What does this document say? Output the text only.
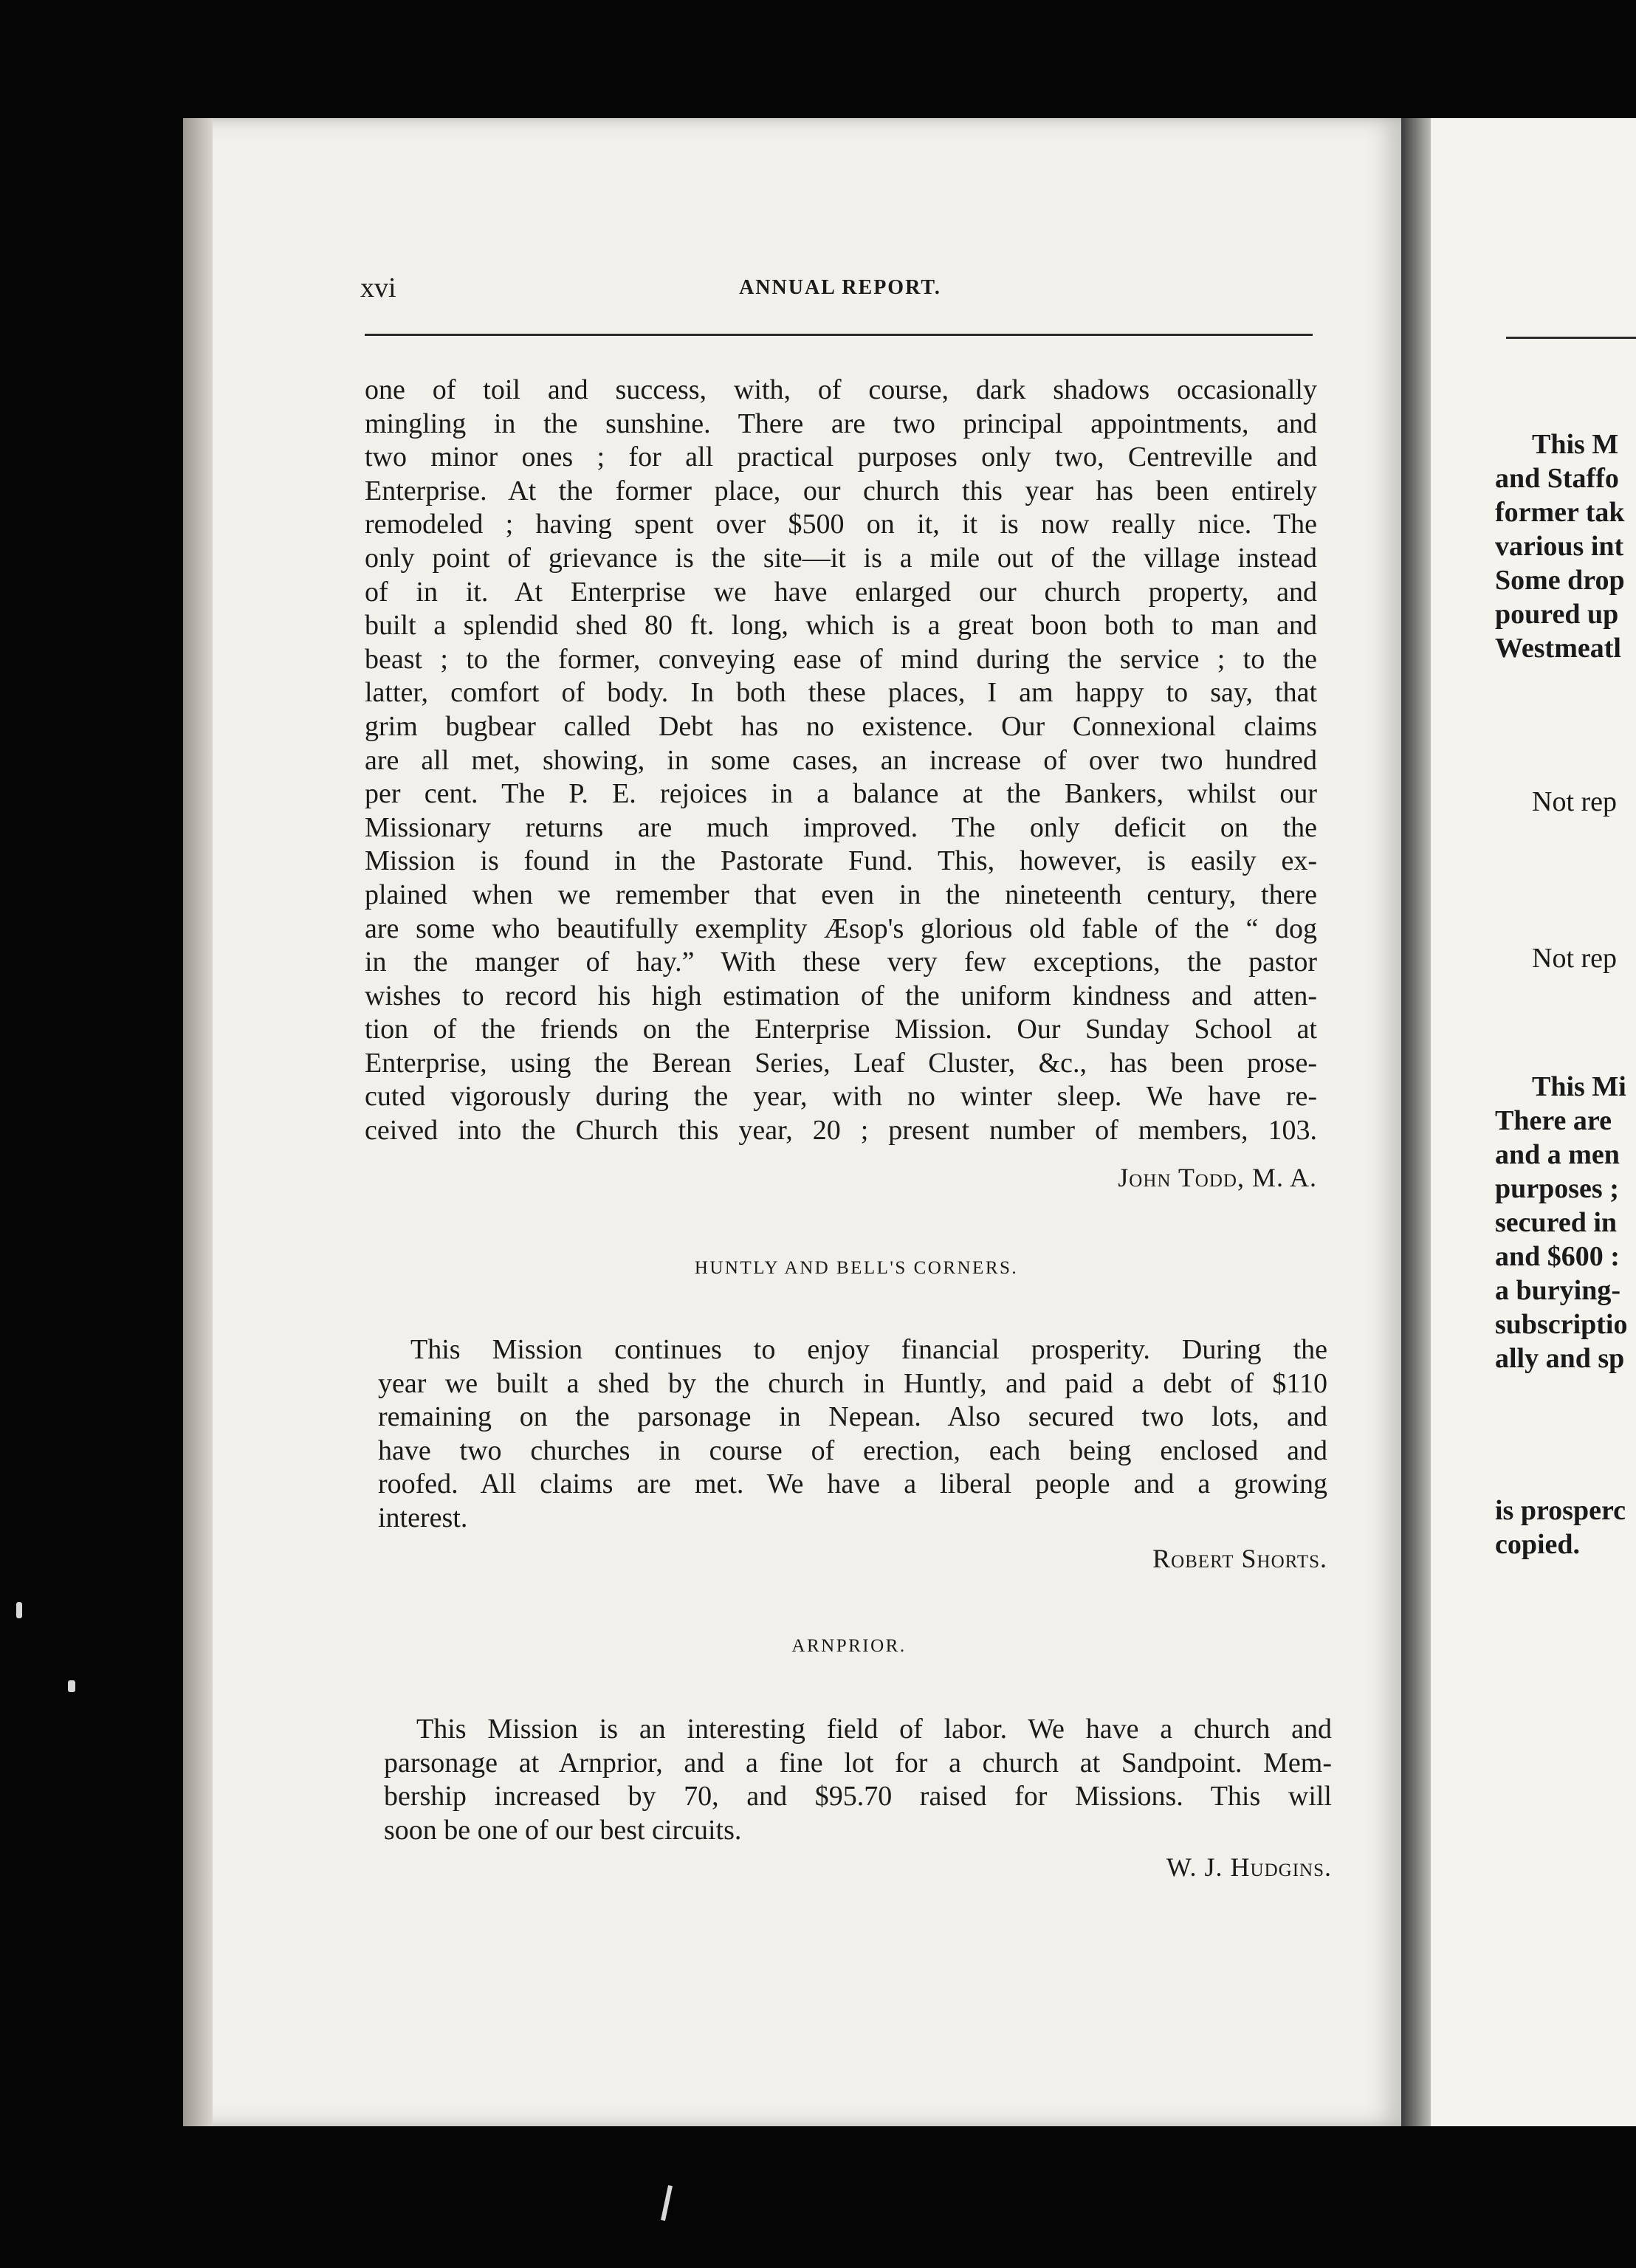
xvi	ANNUAL REPORT.
one of toil and success, with, of course, dark shadows occasionally
mingling in the sunshine. There are two principal appointments, and
two minor ones ; for all practical purposes only two, Centreville and
Enterprise. At the former place, our church this year has been entirely
remodeled ; having spent over $500 on it, it is now really nice. The
only point of grievance is the site—it is a mile out of the village instead
of in it. At Enterprise we have enlarged our church property, and
built a splendid shed 80 ft. long, which is a great boon both to man and
beast ; to the former, conveying ease of mind during the service ; to the
latter, comfort of body. In both these places, I am happy to say, that
grim bugbear called Debt has no existence. Our Connexional claims
are all met, showing, in some cases, an increase of over two hundred
per cent. The P. E. rejoices in a balance at the Bankers, whilst our
Missionary returns are much improved. The only deficit on the
Mission is found in the Pastorate Fund. This, however, is easily ex-
plained when we remember that even in the nineteenth century, there
are some who beautifully exemplity Æsop's glorious old fable of the “ dog
in the manger of hay.” With these very few exceptions, the pastor
wishes to record his high estimation of the uniform kindness and atten-
tion of the friends on the Enterprise Mission. Our Sunday School at
Enterprise, using the Berean Series, Leaf Cluster, &c., has been prose-
cuted vigorously during the year, with no winter sleep. We have re-
ceived into the Church this year, 20 ; present number of members, 103.
John Todd, M. A.
HUNTLY AND BELL'S CORNERS.
This Mission continues to enjoy financial prosperity. During the
year we built a shed by the church in Huntly, and paid a debt of $110
remaining on the parsonage in Nepean. Also secured two lots, and
have two churches in course of erection, each being enclosed and
roofed. All claims are met. We have a liberal people and a growing
interest.
Robert Shorts.
ARNPRIOR.
This Mission is an interesting field of labor. We have a church and
parsonage at Arnprior, and a fine lot for a church at Sandpoint. Mem-
bership increased by 70, and $95.70 raised for Missions. This will
soon be one of our best circuits.
W. J. Hudgins.
This M
and Staffo
former tak
various int
Some drop
poured up
Westmeatl
Not rep
Not rep
This Mi
There are
and a men
purposes ;
secured in
and $600 :
a burying-
subscriptio
ally and sp
is prosperc
copied.
